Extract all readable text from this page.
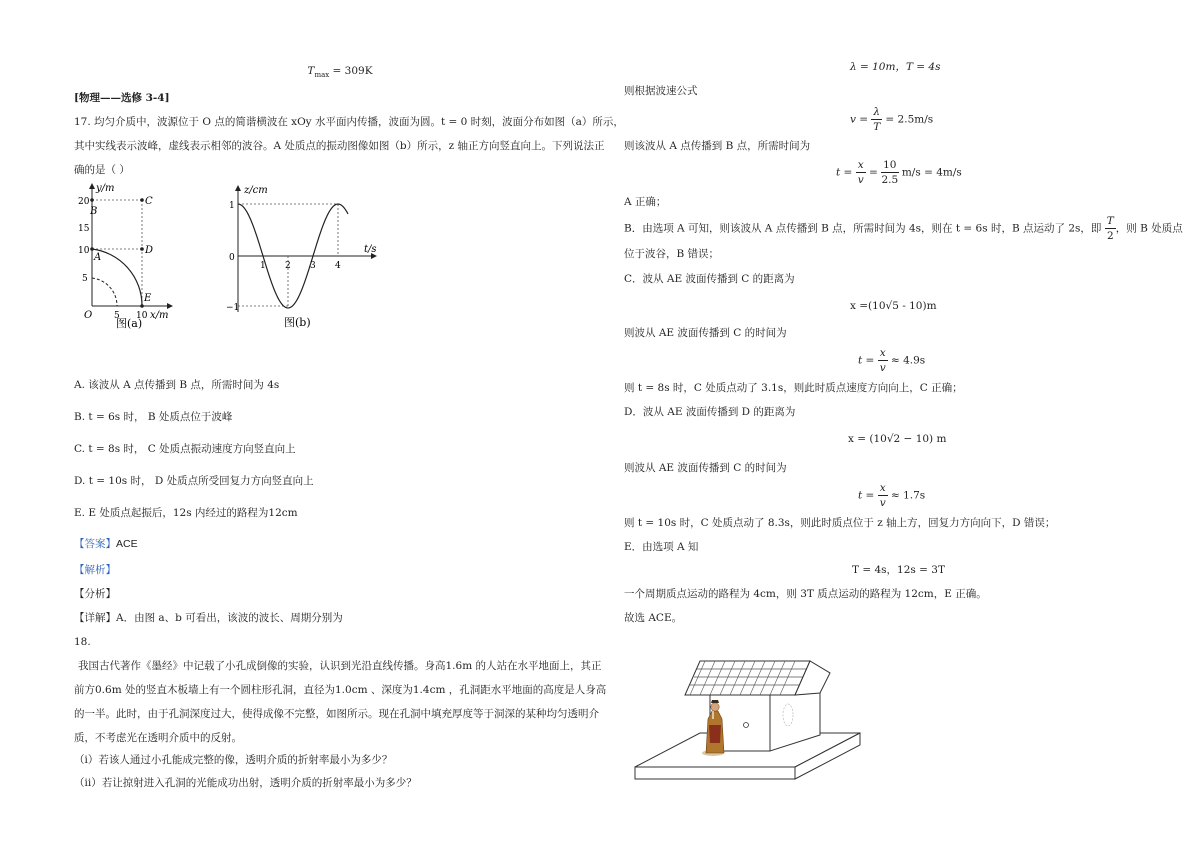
$T_{max} = 309K$
[物理——选修 3-4]
17. 均匀介质中，波源位于 O 点的简谐横波在 xOy 水平面内传播，波面为圆。t = 0 时刻，波面分布如图（a）所示，
其中实线表示波峰，虚线表示相邻的波谷。A 处质点的振动图像如图（b）所示，z 轴正方向竖直向上。下列说法正
确的是（ ）
y/m
20
15
10
5
O 5 10 x/m
B
C
D
A
E
图(a)
z/cm
1
0
−1
1 2 3 4
t/s
图(b)
A. 该波从 A 点传播到 B 点，所需时间为 4s
B. t = 6s 时， B 处质点位于波峰
C. t = 8s 时， C 处质点振动速度方向竖直向上
D. t = 10s 时， D 处质点所受回复力方向竖直向上
E. E 处质点起振后，12s 内经过的路程为12cm
【答案】ACE
【解析】
【分析】
【详解】A．由图 a、b 可看出，该波的波长、周期分别为
18.
我国古代著作《墨经》中记载了小孔成倒像的实验，认识到光沿直线传播。身高1.6m 的人站在水平地面上，其正
前方0.6m 处的竖直木板墙上有一个圆柱形孔洞，直径为1.0cm 、深度为1.4cm ，孔洞距水平地面的高度是人身高
的一半。此时，由于孔洞深度过大，使得成像不完整，如图所示。现在孔洞中填充厚度等于洞深的某种均匀透明介
质，不考虑光在透明介质中的反射。
（i）若该人通过小孔能成完整的像，透明介质的折射率最小为多少？
（ii）若让掠射进入孔洞的光能成功出射，透明介质的折射率最小为多少？
λ = 10m，T = 4s
则根据波速公式
$v = \frac{\lambda}{T} = 2.5m/s$
则该波从 A 点传播到 B 点，所需时间为
$t = \frac{x}{v} = \frac{10}{2.5} m/s = 4m/s$
A 正确；
B．由选项 A 可知，则该波从 A 点传播到 B 点，所需时间为 4s，则在 t = 6s 时，B 点运动了 2s，即 $\frac{T}{2}$ ，则 B 处质点
位于波谷，B 错误；
C．波从 AE 波面传播到 C 的距离为
x =(10√5 - 10)m
则波从 AE 波面传播到 C 的时间为
$t = \frac{x}{v} \approx 4.9s$
则 t = 8s 时，C 处质点动了 3.1s，则此时质点速度方向向上，C 正确；
D．波从 AE 波面传播到 D 的距离为
x = (10√2 − 10) m
则波从 AE 波面传播到 C 的时间为
$t = \frac{x}{v} \approx 1.7s$
则 t = 10s 时，C 处质点动了 8.3s，则此时质点位于 z 轴上方，回复力方向向下，D 错误；
E．由选项 A 知
T = 4s，12s = 3T
一个周期质点运动的路程为 4cm，则 3T 质点运动的路程为 12cm，E 正确。
故选 ACE。
